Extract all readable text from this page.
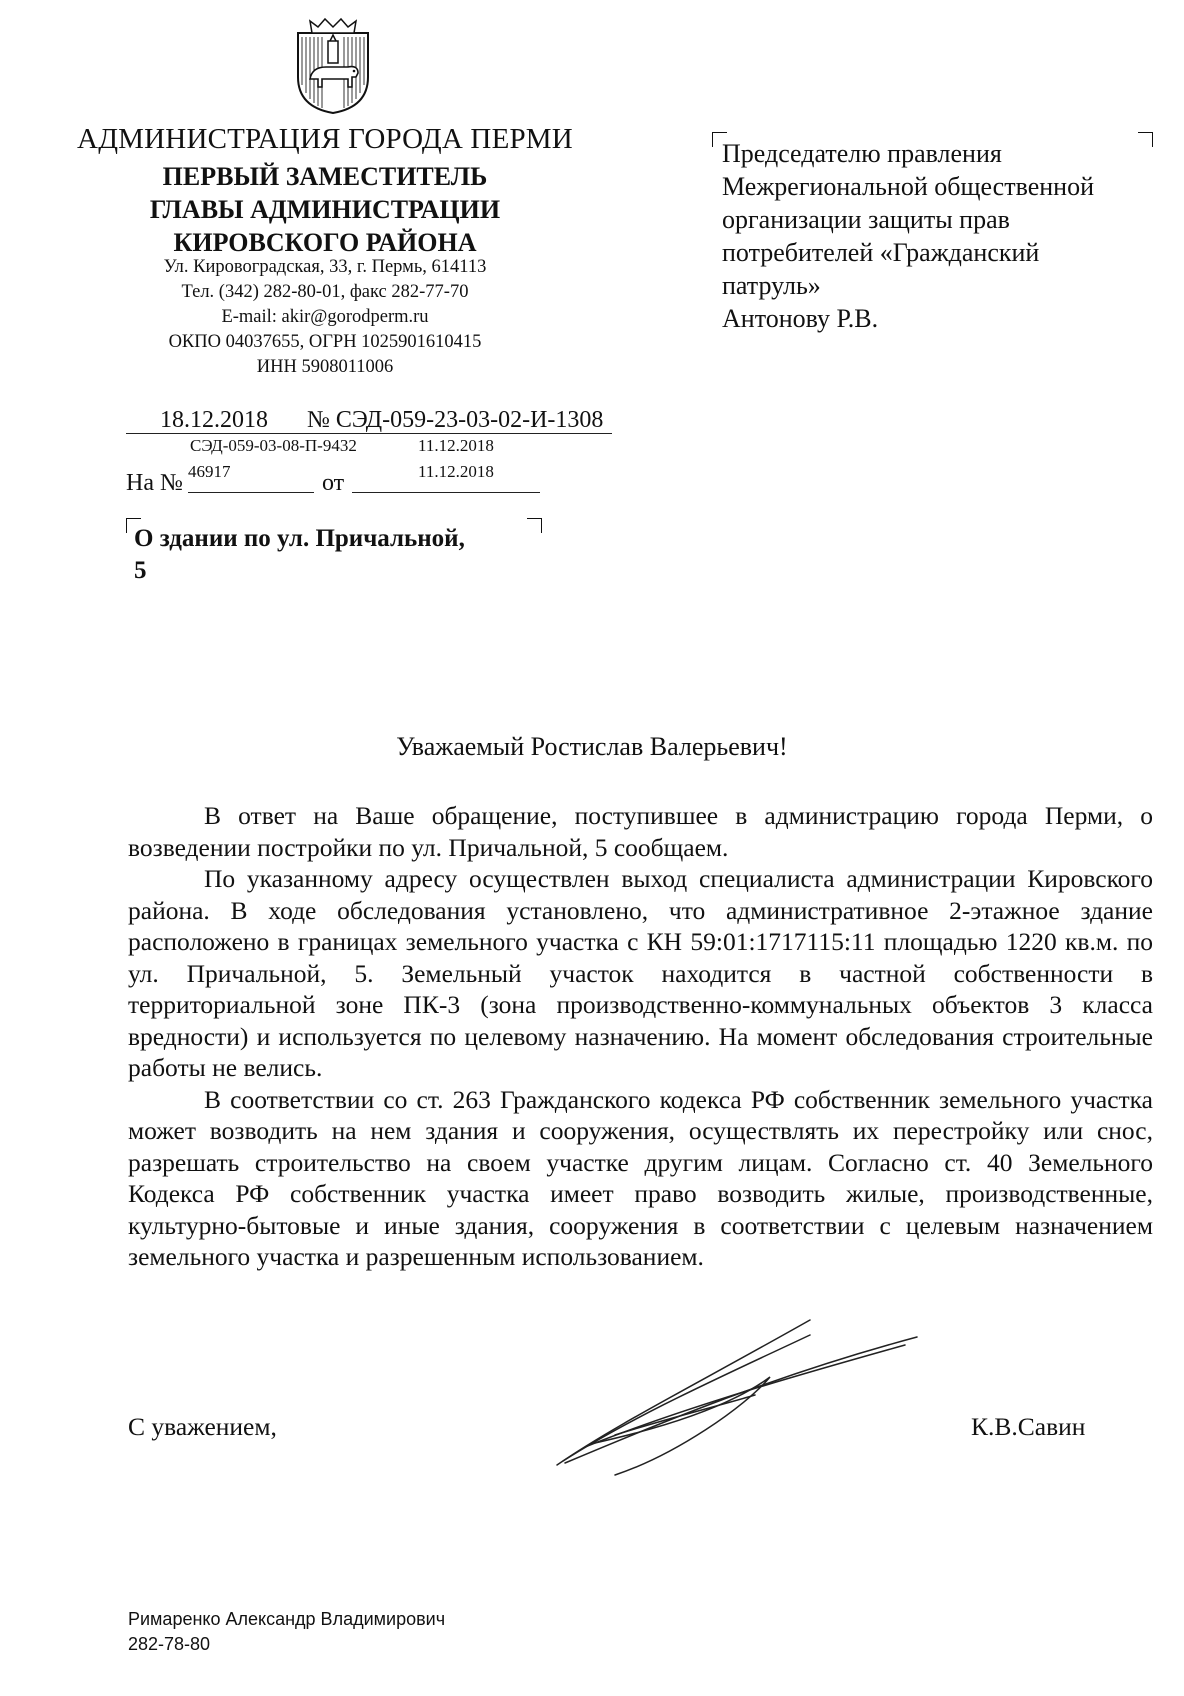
АДМИНИСТРАЦИЯ ГОРОДА ПЕРМИ
ПЕРВЫЙ ЗАМЕСТИТЕЛЬ
ГЛАВЫ АДМИНИСТРАЦИИ
КИРОВСКОГО РАЙОНА
Ул. Кировоградская, 33, г. Пермь, 614113
Тел. (342) 282-80-01, факс 282-77-70
E-mail: akir@gorodperm.ru
ОКПО 04037655, ОГРН 1025901610415
ИНН 5908011006
Председателю правления
Межрегиональной общественной
организации защиты прав
потребителей «Гражданский
патруль»
Антонову Р.В.
18.12.2018 № СЭД-059-23-03-02-И-1308
СЭД-059-03-08-П-9432	11.12.2018
На № 46917	от	11.12.2018
О здании по ул. Причальной,
5
Уважаемый Ростислав Валерьевич!

В ответ на Ваше обращение, поступившее в администрацию города Перми, о возведении постройки по ул. Причальной, 5 сообщаем.

По указанному адресу осуществлен выход специалиста администрации Кировского района. В ходе обследования установлено, что административное 2-этажное здание расположено в границах земельного участка с КН 59:01:1717115:11 площадью 1220 кв.м. по ул. Причальной, 5. Земельный участок находится в частной собственности в территориальной зоне ПК-3 (зона производственно-коммунальных объектов 3 класса вредности) и используется по целевому назначению. На момент обследования строительные работы не велись.

В соответствии со ст. 263 Гражданского кодекса РФ собственник земельного участка может возводить на нем здания и сооружения, осуществлять их перестройку или снос, разрешать строительство на своем участке другим лицам. Согласно ст. 40 Земельного Кодекса РФ собственник участка имеет право возводить жилые, производственные, культурно-бытовые и иные здания, сооружения в соответствии с целевым назначением земельного участка и разрешенным использованием.

С уважением,	К.В.Савин
Римаренко Александр Владимирович
282-78-80
